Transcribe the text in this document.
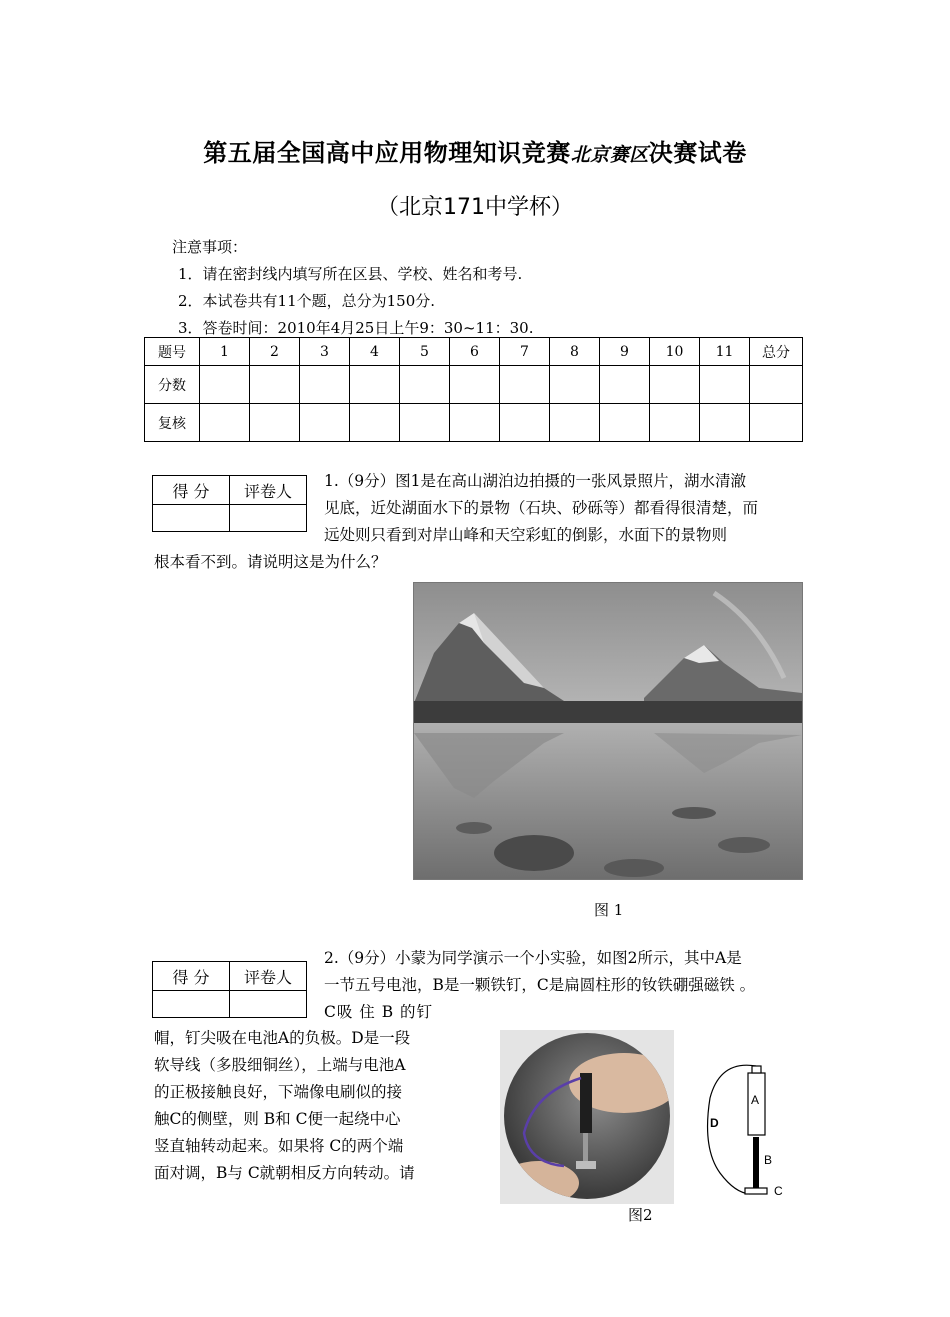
第五届全国高中应用物理知识竞赛北京赛区决赛试卷
（北京171中学杯）
注意事项：
1．请在密封线内填写所在区县、学校、姓名和考号.
2．本试卷共有11个题，总分为150分.
3．答卷时间：2010年4月25日上午9：30~11：30.
题号	1	2	3	4	5	6	7	8	9	10	11	总分
分数												
复核												
得 分	评卷人

1.（9分）图1是在高山湖泊边拍摄的一张风景照片，湖水清澈
见底，近处湖面水下的景物（石块、砂砾等）都看得很清楚，而
远处则只看到对岸山峰和天空彩虹的倒影，水面下的景物则
根本看不到。请说明这是为什么？
图 1
得 分	评卷人

2.（9分）小蒙为同学演示一个小实验，如图2所示，其中A是
一节五号电池，B是一颗铁钉，C是扁圆柱形的钕铁硼强磁铁 。
C吸 住 B 的钉
帽，钉尖吸在电池A的负极。D是一段
软导线（多股细铜丝），上端与电池A
的正极接触良好，下端像电刷似的接
触C的侧壁，则 B和 C便一起绕中心
竖直轴转动起来。如果将 C的两个端
面对调，B与 C就朝相反方向转动。请
A
B
C
D
图2
